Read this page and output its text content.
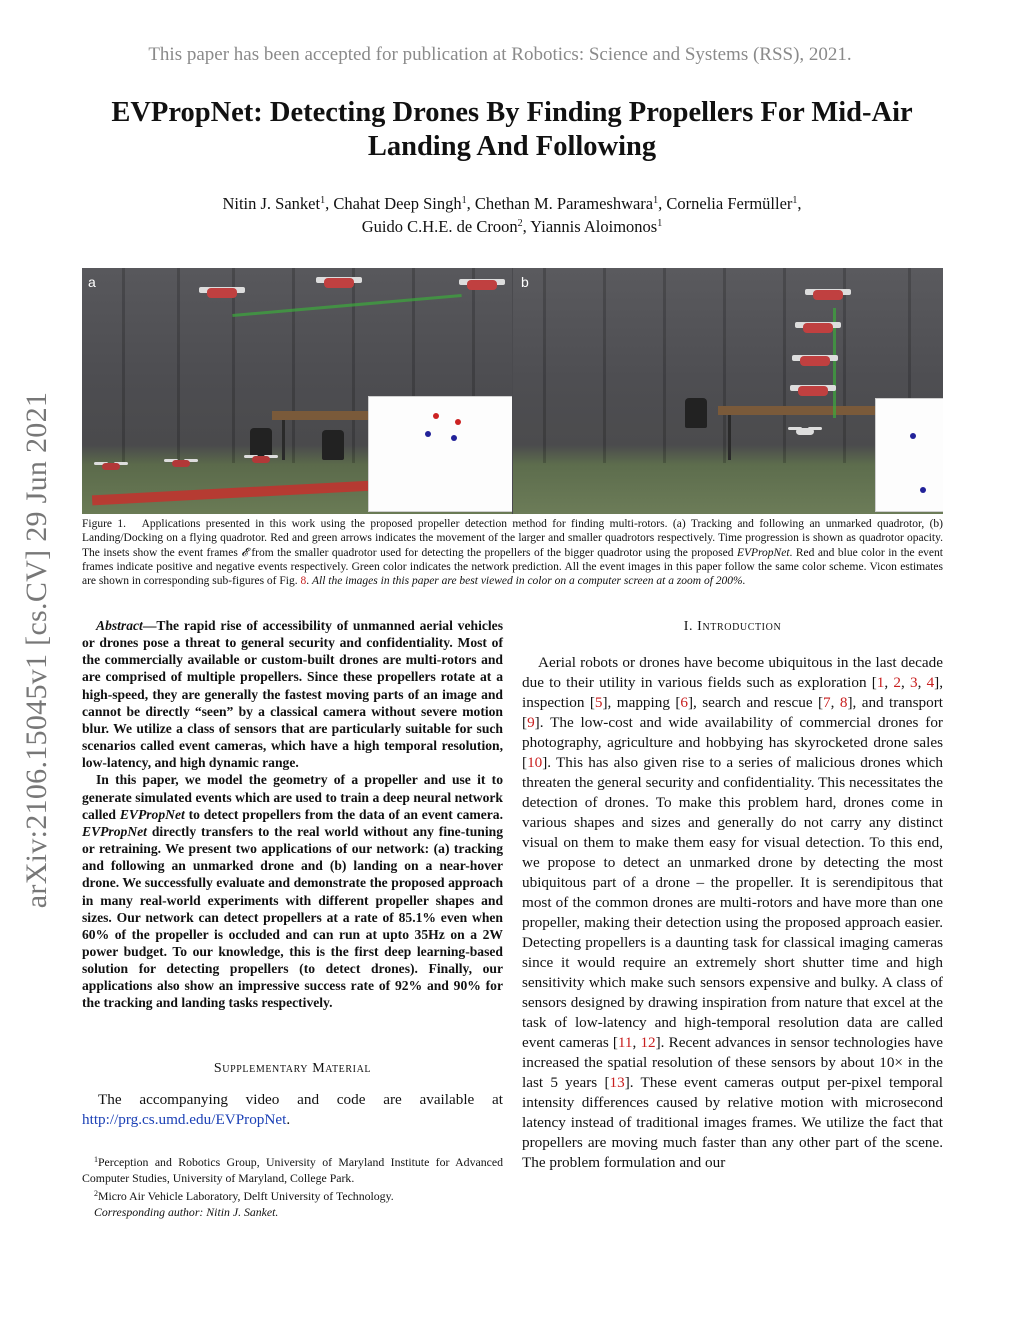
This paper has been accepted for publication at Robotics: Science and Systems (RSS), 2021.
EVPropNet: Detecting Drones By Finding Propellers For Mid-Air Landing And Following
Nitin J. Sanket$^1$, Chahat Deep Singh$^1$, Chethan M. Parameshwara$^1$, Cornelia Fermüller$^1$,
Guido C.H.E. de Croon$^2$, Yiannis Aloimonos$^1$
arXiv:2106.15045v1 [cs.CV] 29 Jun 2021
a	b
Figure 1. Applications presented in this work using the proposed propeller detection method for finding multi-rotors. (a) Tracking and following an unmarked quadrotor, (b) Landing/Docking on a flying quadrotor. Red and green arrows indicates the movement of the larger and smaller quadrotors respectively. Time progression is shown as quadrotor opacity. The insets show the event frames 𝓔 from the smaller quadrotor used for detecting the propellers of the bigger quadrotor using the proposed EVPropNet. Red and blue color in the event frames indicate positive and negative events respectively. Green color indicates the network prediction. All the event images in this paper follow the same color scheme. Vicon estimates are shown in corresponding sub-figures of Fig. 8. All the images in this paper are best viewed in color on a computer screen at a zoom of 200%.

Abstract—The rapid rise of accessibility of unmanned aerial vehicles or drones pose a threat to general security and confidentiality. Most of the commercially available or custom-built drones are multi-rotors and are comprised of multiple propellers. Since these propellers rotate at a high-speed, they are generally the fastest moving parts of an image and cannot be directly “seen” by a classical camera without severe motion blur. We utilize a class of sensors that are particularly suitable for such scenarios called event cameras, which have a high temporal resolution, low-latency, and high dynamic range.

In this paper, we model the geometry of a propeller and use it to generate simulated events which are used to train a deep neural network called EVPropNet to detect propellers from the data of an event camera. EVPropNet directly transfers to the real world without any fine-tuning or retraining. We present two applications of our network: (a) tracking and following an unmarked drone and (b) landing on a near-hover drone. We successfully evaluate and demonstrate the proposed approach in many real-world experiments with different propeller shapes and sizes. Our network can detect propellers at a rate of 85.1% even when 60% of the propeller is occluded and can run at upto 35Hz on a 2W power budget. To our knowledge, this is the first deep learning-based solution for detecting propellers (to detect drones). Finally, our applications also show an impressive success rate of 92% and 90% for the tracking and landing tasks respectively.

Supplementary Material
The accompanying video and code are available at http://prg.cs.umd.edu/EVPropNet.

$^1$Perception and Robotics Group, University of Maryland Institute for Advanced Computer Studies, University of Maryland, College Park.

$^2$Micro Air Vehicle Laboratory, Delft University of Technology.

Corresponding author: Nitin J. Sanket.

I. Introduction

Aerial robots or drones have become ubiquitous in the last decade due to their utility in various fields such as exploration [1, 2, 3, 4], inspection [5], mapping [6], search and rescue [7, 8], and transport [9]. The low-cost and wide availability of commercial drones for photography, agriculture and hobbying has skyrocketed drone sales [10]. This has also given rise to a series of malicious drones which threaten the general security and confidentiality. This necessitates the detection of drones. To make this problem hard, drones come in various shapes and sizes and generally do not carry any distinct visual on them to make them easy for visual detection. To this end, we propose to detect an unmarked drone by detecting the most ubiquitous part of a drone – the propeller. It is serendipitous that most of the common drones are multi-rotors and have more than one propeller, making their detection using the proposed approach easier. Detecting propellers is a daunting task for classical imaging cameras since it would require an extremely short shutter time and high sensitivity which make such sensors expensive and bulky. A class of sensors designed by drawing inspiration from nature that excel at the task of low-latency and high-temporal resolution data are called event cameras [11, 12]. Recent advances in sensor technologies have increased the spatial resolution of these sensors by about 10× in the last 5 years [13]. These event cameras output per-pixel temporal intensity differences caused by relative motion with microsecond latency instead of traditional images frames. We utilize the fact that propellers are moving much faster than any other part of the scene. The problem formulation and our
